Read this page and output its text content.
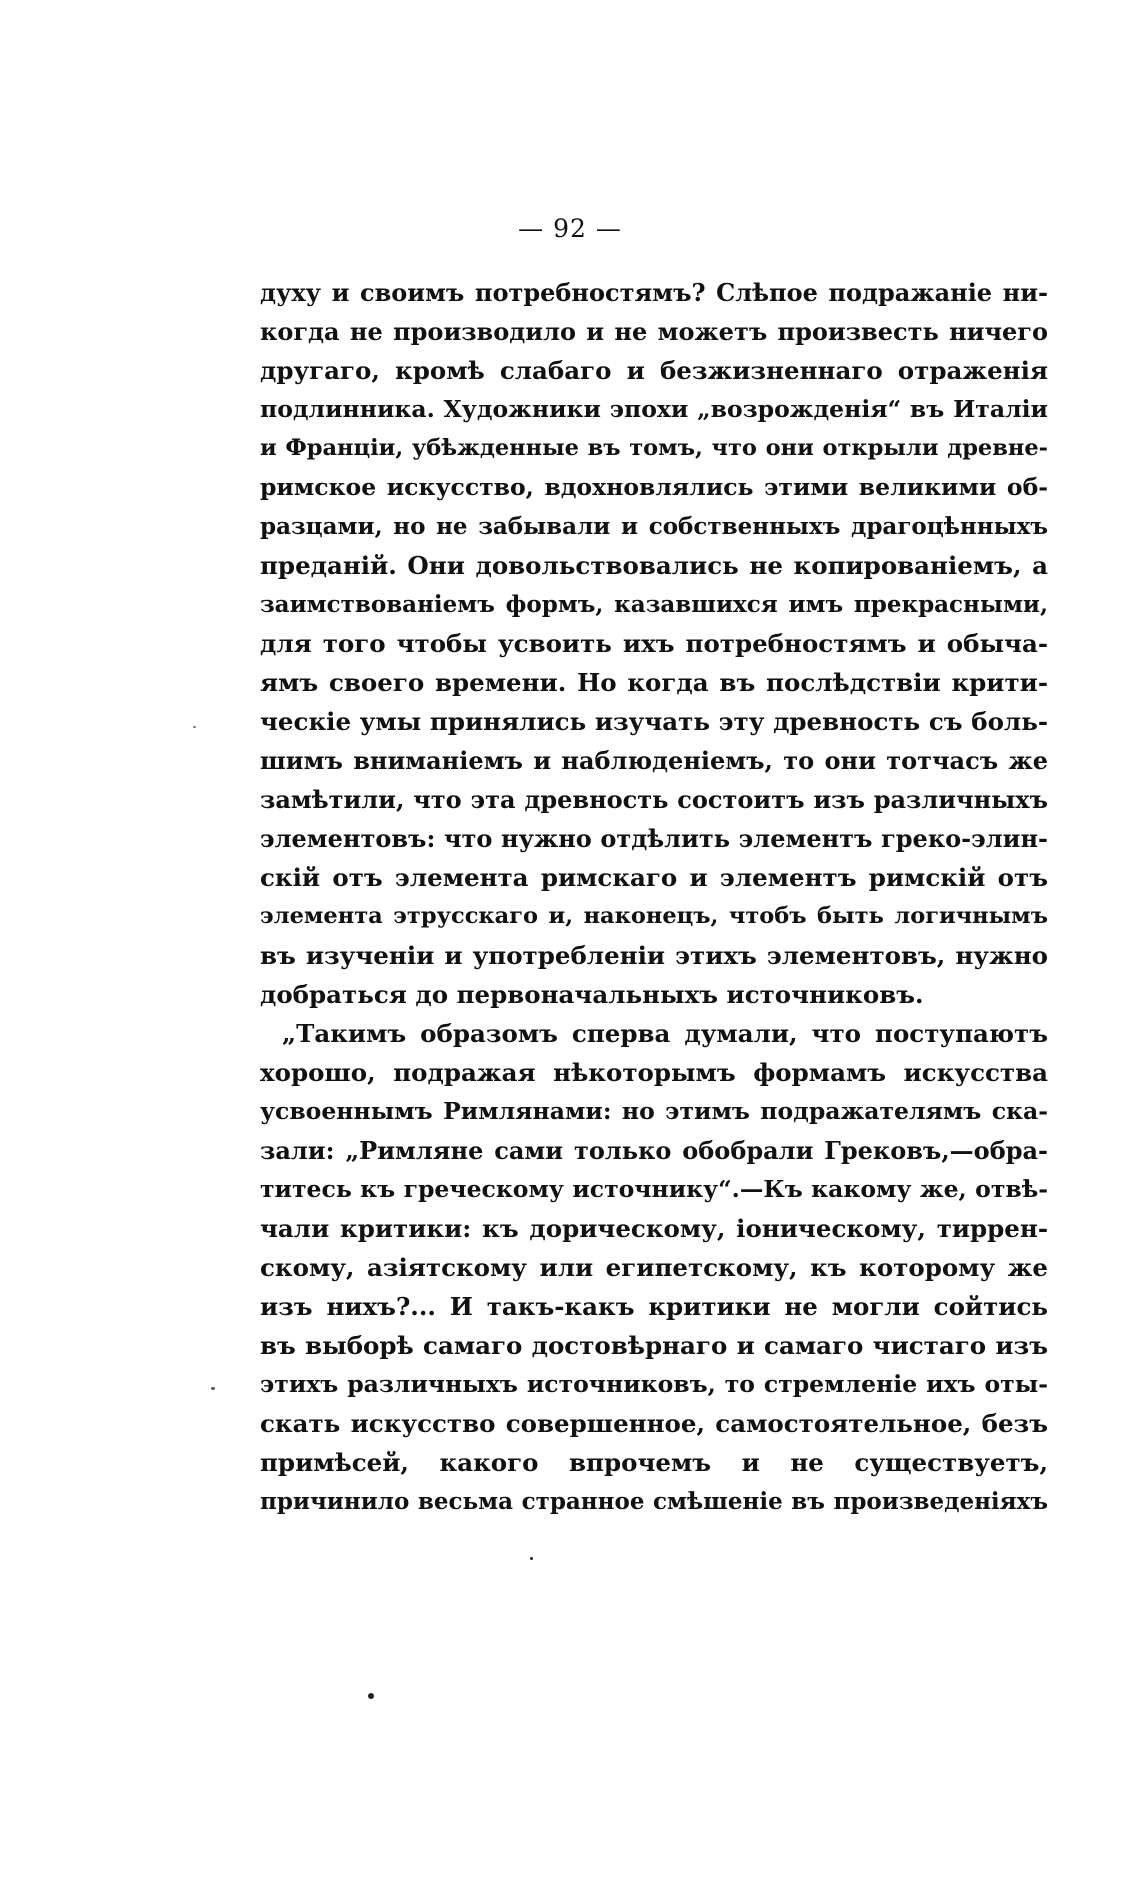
— 92 —
духу и своимъ потребностямъ? Слѣпое подражаніе ни-
когда не производило и не можетъ произвесть ничего
другаго, кромѣ слабаго и безжизненнаго отраженія
подлинника. Художники эпохи „возрожденія“ въ Италіи
и Франціи, убѣжденные въ томъ, что они открыли древне-
римское искусство, вдохновлялись этими великими об-
разцами, но не забывали и собственныхъ драгоцѣнныхъ
преданій. Они довольствовались не копированіемъ, а
заимствованіемъ формъ, казавшихся имъ прекрасными,
для того чтобы усвоить ихъ потребностямъ и обыча-
ямъ своего времени. Но когда въ послѣдствіи крити-
ческіе умы принялись изучать эту древность съ боль-
шимъ вниманіемъ и наблюденіемъ, то они тотчасъ же
замѣтили, что эта древность состоитъ изъ различныхъ
элементовъ: что нужно отдѣлить элементъ греко-элин-
скій отъ элемента римскаго и элементъ римскій отъ
элемента этрусскаго и, наконецъ, чтобъ быть логичнымъ
въ изученіи и употребленіи этихъ элементовъ, нужно
добраться до первоначальныхъ источниковъ.
„Такимъ образомъ сперва думали, что поступаютъ
хорошо, подражая нѣкоторымъ формамъ искусства
усвоеннымъ Римлянами: но этимъ подражателямъ ска-
зали: „Римляне сами только обобрали Грековъ,—обра-
титесь къ греческому источнику“.—Къ какому же, отвѣ-
чали критики: къ дорическому, іоническому, тиррен-
скому, азіятскому или египетскому, къ которому же
изъ нихъ?... И такъ-какъ критики не могли сойтись
въ выборѣ самаго достовѣрнаго и самаго чистаго изъ
этихъ различныхъ источниковъ, то стремленіе ихъ оты-
скать искусство совершенное, самостоятельное, безъ
примѣсей, какого впрочемъ и не существуетъ,
причинило весьма странное смѣшеніе въ произведеніяхъ
